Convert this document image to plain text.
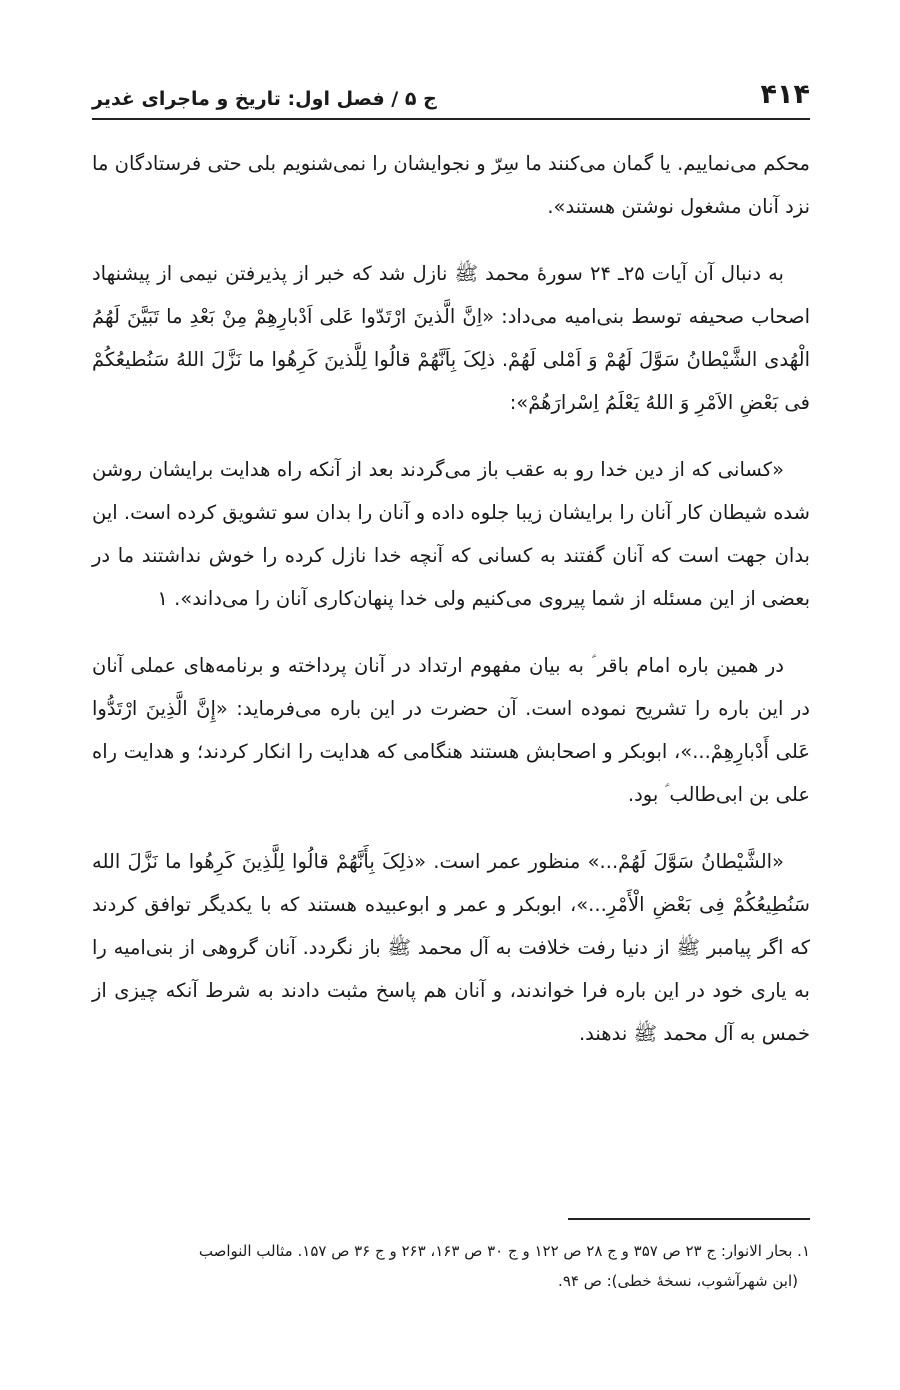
۴۱۴
ج ۵ / فصل اول: تاریخ و ماجرای غدیر

محکم می‌نماییم. یا گمان می‌کنند ما سِرّ و نجوایشان را نمی‌شنویم بلی حتی فرستادگان ما نزد آنان مشغول نوشتن هستند».

به دنبال آن آیات ۲۵ـ ۲۴ سورهٔ محمد ﷺ نازل شد که خبر از پذیرفتن نیمی از پیشنهاد اصحاب صحیفه توسط بنی‌امیه می‌داد: «اِنَّ الَّذینَ ارْتَدّوا عَلی اَدْبارِهِمْ مِنْ بَعْدِ ما تَبَیَّنَ لَهُمُ الْهُدی الشَّیْطانُ سَوَّلَ لَهُمْ وَ اَمْلی لَهُمْ. ذلِکَ بِاَنَّهُمْ قالُوا لِلَّذینَ کَرِهُوا ما نَزَّلَ اللهُ سَنُطیعُکُمْ فی بَعْضِ الاَمْرِ وَ اللهُ یَعْلَمُ اِسْرارَهُمْ»:

«کسانی که از دین خدا رو به عقب باز می‌گردند بعد از آنکه راه هدایت برایشان روشن شده شیطان کار آنان را برایشان زیبا جلوه داده و آنان را بدان سو تشویق کرده است. این بدان جهت است که آنان گفتند به کسانی که آنچه خدا نازل کرده را خوش نداشتند ما در بعضی از این مسئله از شما پیروی می‌کنیم ولی خدا پنهان‌کاری آنان را می‌داند». ۱

در همین باره امام باقر ؑ به بیان مفهوم ارتداد در آنان پرداخته و برنامه‌های عملی آنان در این باره را تشریح نموده است. آن حضرت در این باره می‌فرماید: «إِنَّ الَّذِینَ ارْتَدُّوا عَلى أَدْبارِهِمْ...»، ابوبکر و اصحابش هستند هنگامی که هدایت را انکار کردند؛ و هدایت راه علی بن ابی‌طالب ؑ بود.

«الشَّیْطانُ سَوَّلَ لَهُمْ...» منظور عمر است. «ذلِکَ بِأَنَّهُمْ قالُوا لِلَّذِینَ کَرِهُوا ما نَزَّلَ الله سَنُطِیعُکُمْ فِی بَعْضِ الْأَمْرِ...»، ابوبکر و عمر و ابوعبیده هستند که با یکدیگر توافق کردند که اگر پیامبر ﷺ از دنیا رفت خلافت به آل محمد ﷺ باز نگردد. آنان گروهی از بنی‌امیه را به یاری خود در این باره فرا خواندند، و آنان هم پاسخ مثبت دادند به شرط آنکه چیزی از خمس به آل محمد ﷺ ندهند.

۱. بحار الانوار: ج ۲۳ ص ۳۵۷ و ج ۲۸ ص ۱۲۲ و ج ۳۰ ص ۱۶۳، ۲۶۳ و ج ۳۶ ص ۱۵۷. مثالب النواصب
(ابن شهرآشوب، نسخهٔ خطی): ص ۹۴.
